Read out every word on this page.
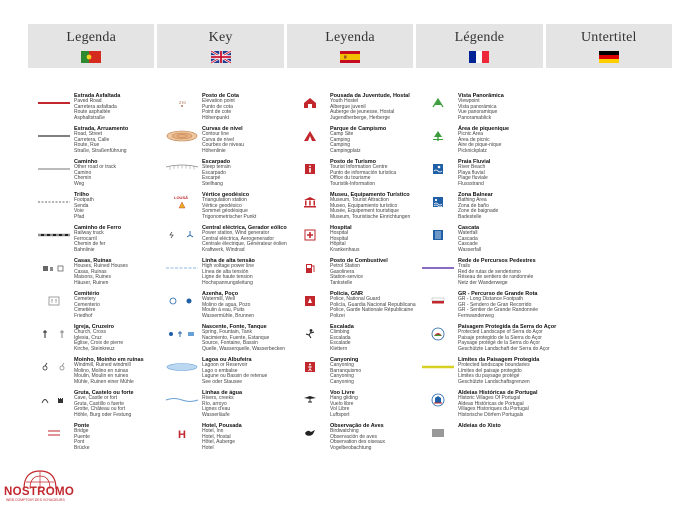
Legenda	Key	Leyenda	Légende	Untertitel
Estrada Asfaltada
Paved Road
Carretera asfaltada
Route asphaltée
Asphaltstraße
Estrada, Arruamento
Road, Street
Carretera, Calle
Route, Rue
Straße, Straßenführung
Caminho
Other road or track
Camino
Chemin
Weg
Trilho
Footpath
Senda
Voie
Pfad
Caminho de Ferro
Railway track
Ferrocarril
Chemin de fer
Bahnlinie
Casas, Ruínas
Houses, Ruined Houses
Casas, Ruinas
Maisons, Ruines
Häuser, Ruinen
Cemitério
Cemetery
Cementerio
Cimetière
Friedhof
Igreja, Cruzeiro
Church, Cross
Iglesia, Cruz
Église, Croix de pierre
Kirche, Steinkreuz
Moinho, Moinho em ruínas
Windmill, Ruined windmill
Molino, Molino en ruinas
Moulin, Moulin en ruines
Mühle, Ruinen einer Mühle
Gruta, Castelo ou forte
Cave, Castle or fort
Gruta, Castillo o fuerte
Grotte, Château ou fort
Höhle, Burg oder Festung
Ponte
Bridge
Puente
Pont
Brücke
270
Posto de Cota
Elevation point
Punto de cota
Point de cote
Höhenpunkt
Curvas de nível
Contour line
Curva de nivel
Courbes de niveau
Höhenlinie
Escarpado
Steep terrain
Escarpado
Escarpé
Steilhang
LOUSÃ	Vértice geodésico
Triangulation station
Vértice geodésico
Sommet géodésique
Trigonometrischer Punkt
Central eléctrica, Gerador eólico
Power station, Wind generator
Central eléctrica, Aerogenerador
Centrale électrique, Générateur éolien
Kraftwerk, Windrad
Linha de alta tensão
High voltage power line
Línea de alta tensión
Ligne de haute tension
Hochspannungsleitung
Azenha, Poço
Watermill, Well
Molino de agua, Pozo
Moulin à eau, Puits
Wassermühle, Brunnen
Nascente, Fonte, Tanque
Spring, Fountain, Tank
Nacimiento, Fuente, Estanque
Source, Fontaine, Bassin
Quelle, Wasserquelle, Wasserbecken
Lagoa ou Albufeira
Lagoon or Reservoir
Lago o embalse
Lagune ou Bassin de retenue
See oder Stausee
Linhas de água
Rivers, creeks
Río, arroyo
Lignes d'eau
Wasserläufe
H
Hotel, Pousada
Hotel, Inn
Hotel, Hostal
Hôtel, Auberge
Hotel
Pousada da Juventude, Hostal
Youth Hostel
Albergue juvenil
Auberge de jeunesse, Hostal
Jugendherberge, Herberge
Parque de Campismo
Camp Site
Camping
Camping
Campingplatz
Posto de Turismo
Tourist Information Centre
Punto de información turística
Office du tourisme
Touristik-Information
Museu, Equipamento Turístico
Museum, Tourist Attraction
Museo, Equipamiento turístico
Musée, Equipement touristique
Museum, Touristische Einrichtungen
Hospital
Hospital
Hospital
Hôpital
Krankenhaus
Posto de Combustível
Petrol Station
Gasolinera
Station-service
Tankstelle
Polícia, GNR
Police, National Guard
Policía, Guardia Nacional Republicana
Police, Garde Nationale Républicaine
Polizei
Escalada
Climbing
Escalada
Escalade
Klettern
Canyoning
Canyoning
Barranquismo
Canyoning
Canyoning
Voo Livre
Hang gliding
Vuelo libre
Vol Libre
Luftsport
Observação de Aves
Birdwatching
Observación de aves
Observation des oiseaux
Vogelbeobachtung
Vista Panorâmica
Viewpoint
Vista panorámica
Vue panoramique
Panoramablick
Área de piquenique
Picnic Area
Área de picnic
Aire de pique-nique
Picknickplatz
Praia Fluvial
River Beach
Playa fluvial
Plage fluviale
Flussstrand
Zona Balnear
Bathing Area
Zona de baño
Zone de baignade
Badestelle
Cascata
Waterfall
Cascada
Cascade
Wasserfall
Rede de Percursos Pedestres
Trails
Red de rutas de senderismo
Réseau de sentiers de randonnée
Netz der Wanderwege
GR - Percurso de Grande Rota
GR - Long Distance Footpath
GR - Sendero de Gran Recorrido
GR - Sentier de Grande Randonnée
Fernwanderweg
Paisagem Protegida da Serra do Açor
Protected Landscape of Serra do Açor
Paisaje protegido de la Sierra do Açor
Paysage protégé de la Serra do Açor
Geschützte Landschaft der Serra do Açor
Limites da Paisagem Protegida
Protected landscape boundaries
Límites del paisaje protegido
Limites du paysage protégé
Geschützte Landschaftsgrenzen
Aldeias Históricas de Portugal
Historic Villages Of Portugal
Aldeas Históricas de Portugal
Villages Historiques du Portugal
Historische Dörfern Portugals
Aldeias do Xisto
NOSTROMO
WEB COMPTOIR DES VOYAGEURS
